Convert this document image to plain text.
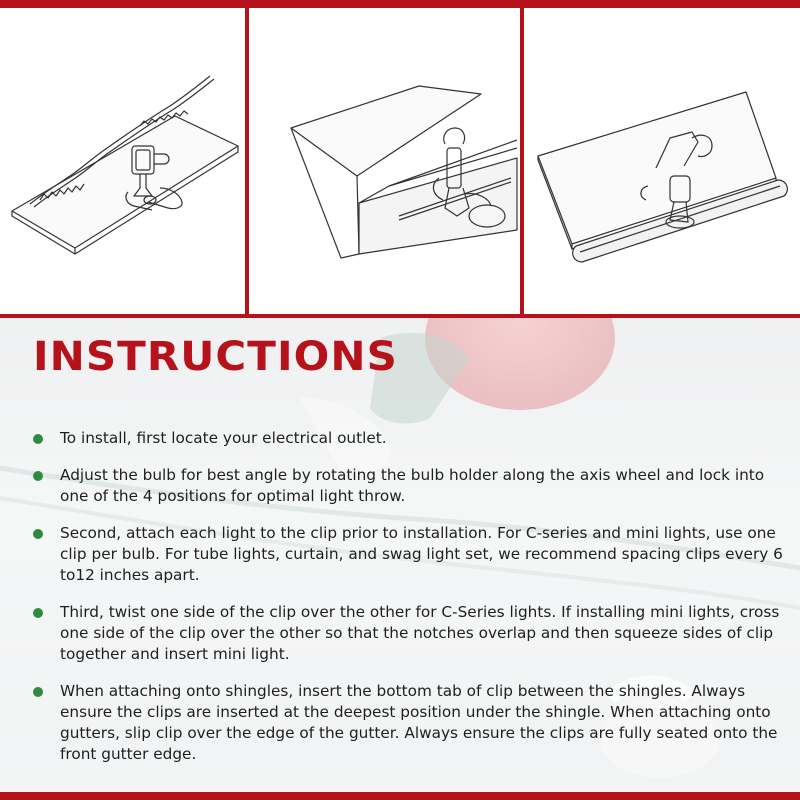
INSTRUCTIONS
To install, first locate your electrical outlet.
Adjust the bulb for best angle by rotating the bulb holder along the axis wheel and lock into one of the 4 positions for optimal light throw.
Second, attach each light to the clip prior to installation. For C-series and mini lights, use one clip per bulb. For tube lights, curtain, and swag light set, we recommend spacing clips every 6 to12 inches apart.
Third, twist one side of the clip over the other for C-Series lights. If installing mini lights, cross one side of the clip over the other so that the notches overlap and then squeeze sides of clip together and insert mini light.
When attaching onto shingles, insert the bottom tab of clip between the shingles. Always ensure the clips are inserted at the deepest position under the shingle. When attaching onto gutters, slip clip over the edge of the gutter. Always ensure the clips are fully seated onto the front gutter edge.
